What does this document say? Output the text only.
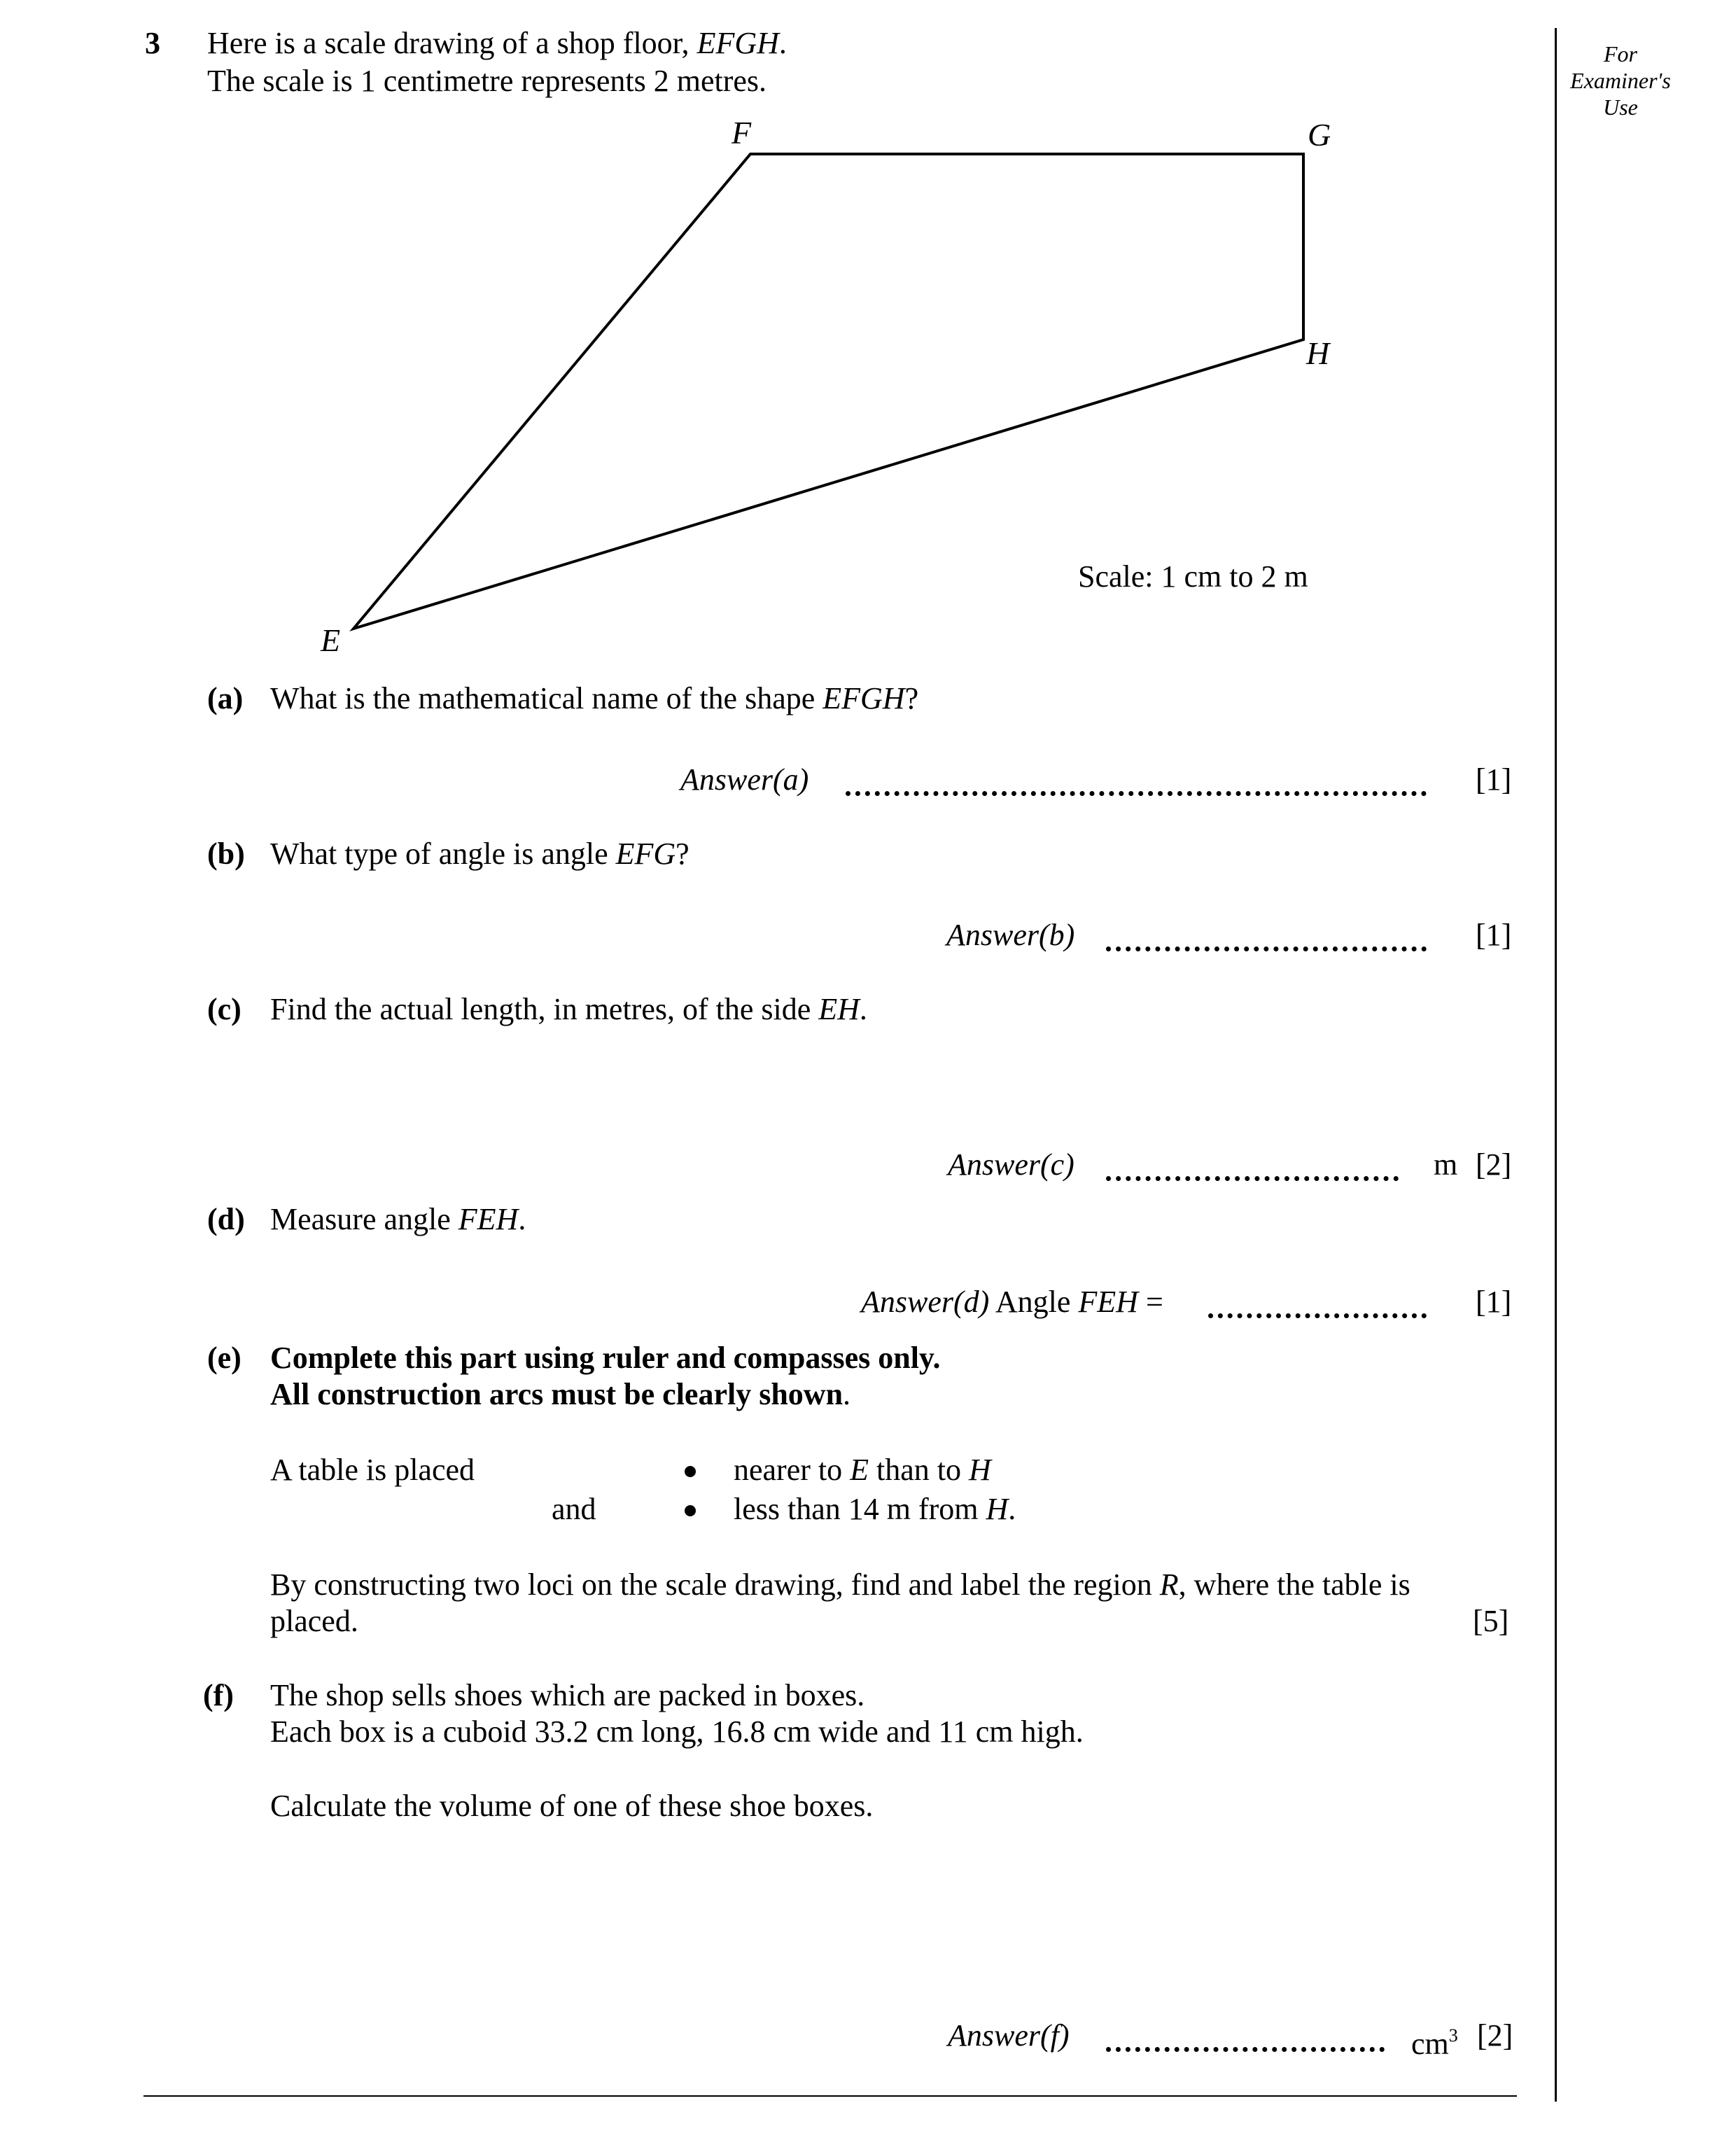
3 Here is a scale drawing of a shop floor, EFGH.
The scale is 1 centimetre represents 2 metres.
For
Examiner's
Use
F	G
H
E
Scale: 1 cm to 2 m
(a) What is the mathematical name of the shape EFGH?
Answer(a)	[1]
(b) What type of angle is angle EFG?
Answer(b)	[1]
(c) Find the actual length, in metres, of the side EH.
Answer(c)	m [2]
(d) Measure angle FEH.
Answer(d) Angle FEH =	[1]
(e) Complete this part using ruler and compasses only.
All construction arcs must be clearly shown.
A table is placed	nearer to E than to H
and	less than 14 m from H.
By constructing two loci on the scale drawing, find and label the region R, where the table is
placed.	[5]
(f) The shop sells shoes which are packed in boxes.
Each box is a cuboid 33.2 cm long, 16.8 cm wide and 11 cm high.
Calculate the volume of one of these shoe boxes.
Answer(f)	$cm^3$ [2]
